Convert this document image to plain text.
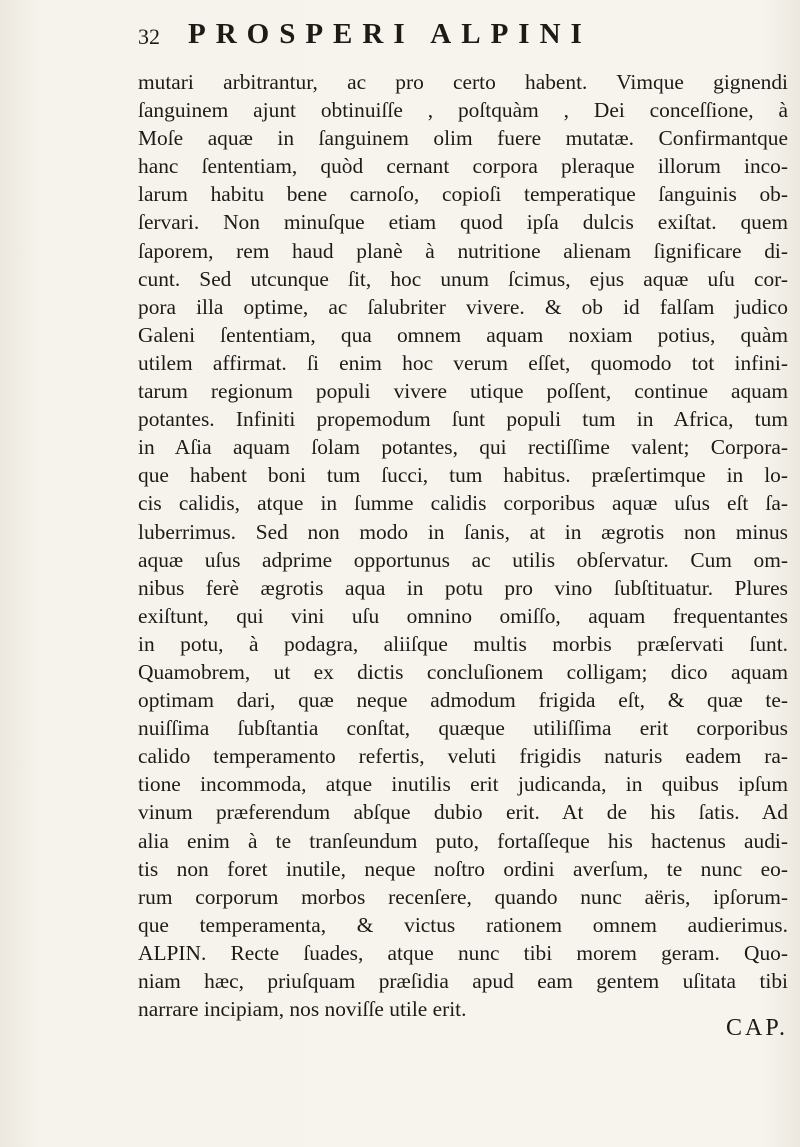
32 PROSPERI ALPINI
mutari arbitrantur, ac pro certo habent. Vimque gignendi
ſanguinem ajunt obtinuiſſe , poſtquàm , Dei conceſſione, à
Moſe aquæ in ſanguinem olim fuere mutatæ. Confirmantque
hanc ſententiam, quòd cernant corpora pleraque illorum inco-
larum habitu bene carnoſo, copioſi temperatique ſanguinis ob-
ſervari. Non minuſque etiam quod ipſa dulcis exiſtat. quem
ſaporem, rem haud planè à nutritione alienam ſignificare di-
cunt. Sed utcunque ſit, hoc unum ſcimus, ejus aquæ uſu cor-
pora illa optime, ac ſalubriter vivere. & ob id falſam judico
Galeni ſententiam, qua omnem aquam noxiam potius, quàm
utilem affirmat. ſi enim hoc verum eſſet, quomodo tot infini-
tarum regionum populi vivere utique poſſent, continue aquam
potantes. Infiniti propemodum ſunt populi tum in Africa, tum
in Aſia aquam ſolam potantes, qui rectiſſime valent; Corpora-
que habent boni tum ſucci, tum habitus. præſertimque in lo-
cis calidis, atque in ſumme calidis corporibus aquæ uſus eſt ſa-
luberrimus. Sed non modo in ſanis, at in ægrotis non minus
aquæ uſus adprime opportunus ac utilis obſervatur. Cum om-
nibus ferè ægrotis aqua in potu pro vino ſubſtituatur. Plures
exiſtunt, qui vini uſu omnino omiſſo, aquam frequentantes
in potu, à podagra, aliiſque multis morbis præſervati ſunt.
Quamobrem, ut ex dictis concluſionem colligam; dico aquam
optimam dari, quæ neque admodum frigida eſt, & quæ te-
nuiſſima ſubſtantia conſtat, quæque utiliſſima erit corporibus
calido temperamento refertis, veluti frigidis naturis eadem ra-
tione incommoda, atque inutilis erit judicanda, in quibus ipſum
vinum præferendum abſque dubio erit. At de his ſatis. Ad
alia enim à te tranſeundum puto, fortaſſeque his hactenus audi-
tis non foret inutile, neque noſtro ordini averſum, te nunc eo-
rum corporum morbos recenſere, quando nunc aëris, ipſorum-
que temperamenta, & victus rationem omnem audierimus.
ALPIN. Recte ſuades, atque nunc tibi morem geram. Quo-
niam hæc, priuſquam præſidia apud eam gentem uſitata tibi
narrare incipiam, nos noviſſe utile erit.
CAP.
